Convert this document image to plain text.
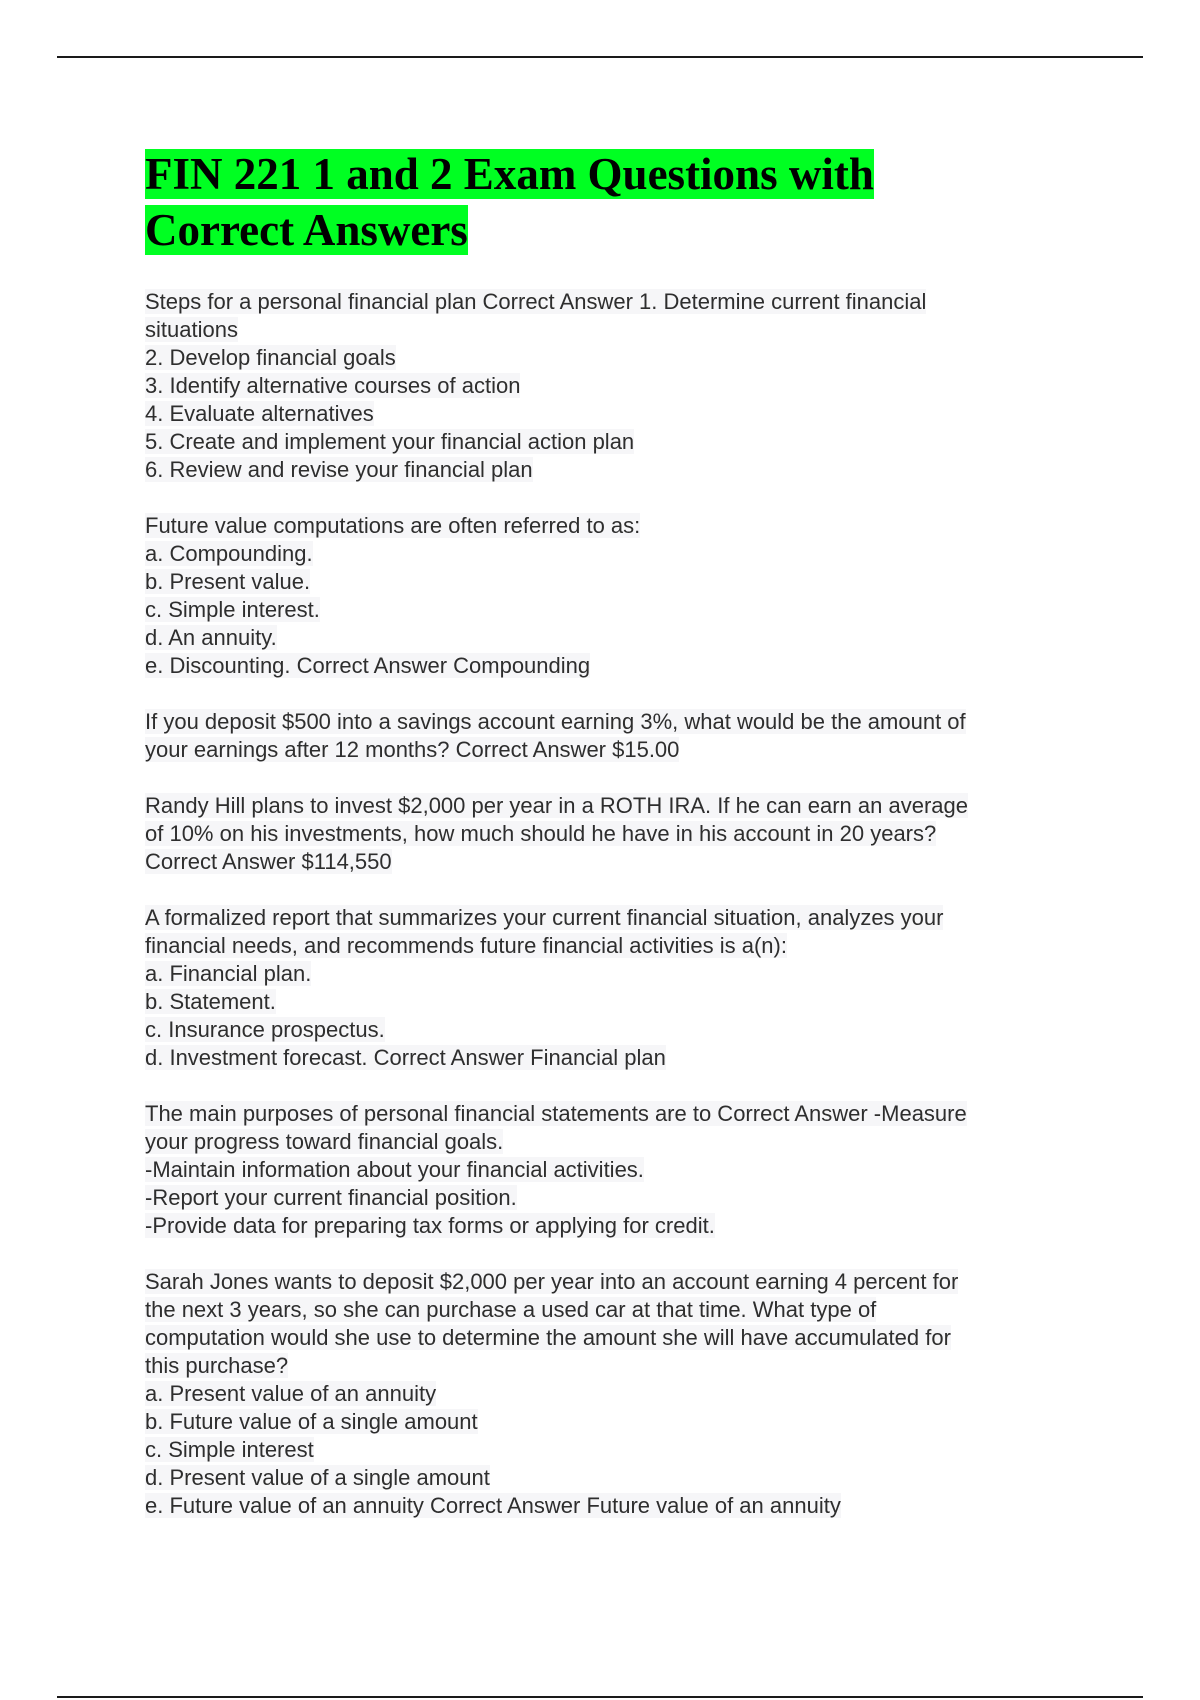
FIN 221 1 and 2 Exam Questions with Correct Answers
Steps for a personal financial plan Correct Answer 1. Determine current financial
situations
2. Develop financial goals
3. Identify alternative courses of action
4. Evaluate alternatives
5. Create and implement your financial action plan
6. Review and revise your financial plan
Future value computations are often referred to as:
a. Compounding.
b. Present value.
c. Simple interest.
d. An annuity.
e. Discounting. Correct Answer Compounding
If you deposit $500 into a savings account earning 3%, what would be the amount of
your earnings after 12 months? Correct Answer $15.00
Randy Hill plans to invest $2,000 per year in a ROTH IRA. If he can earn an average
of 10% on his investments, how much should he have in his account in 20 years?
Correct Answer $114,550
A formalized report that summarizes your current financial situation, analyzes your
financial needs, and recommends future financial activities is a(n):
a. Financial plan.
b. Statement.
c. Insurance prospectus.
d. Investment forecast. Correct Answer Financial plan
The main purposes of personal financial statements are to Correct Answer -Measure
your progress toward financial goals.
-Maintain information about your financial activities.
-Report your current financial position.
-Provide data for preparing tax forms or applying for credit.
Sarah Jones wants to deposit $2,000 per year into an account earning 4 percent for
the next 3 years, so she can purchase a used car at that time. What type of
computation would she use to determine the amount she will have accumulated for
this purchase?
a. Present value of an annuity
b. Future value of a single amount
c. Simple interest
d. Present value of a single amount
e. Future value of an annuity Correct Answer Future value of an annuity
